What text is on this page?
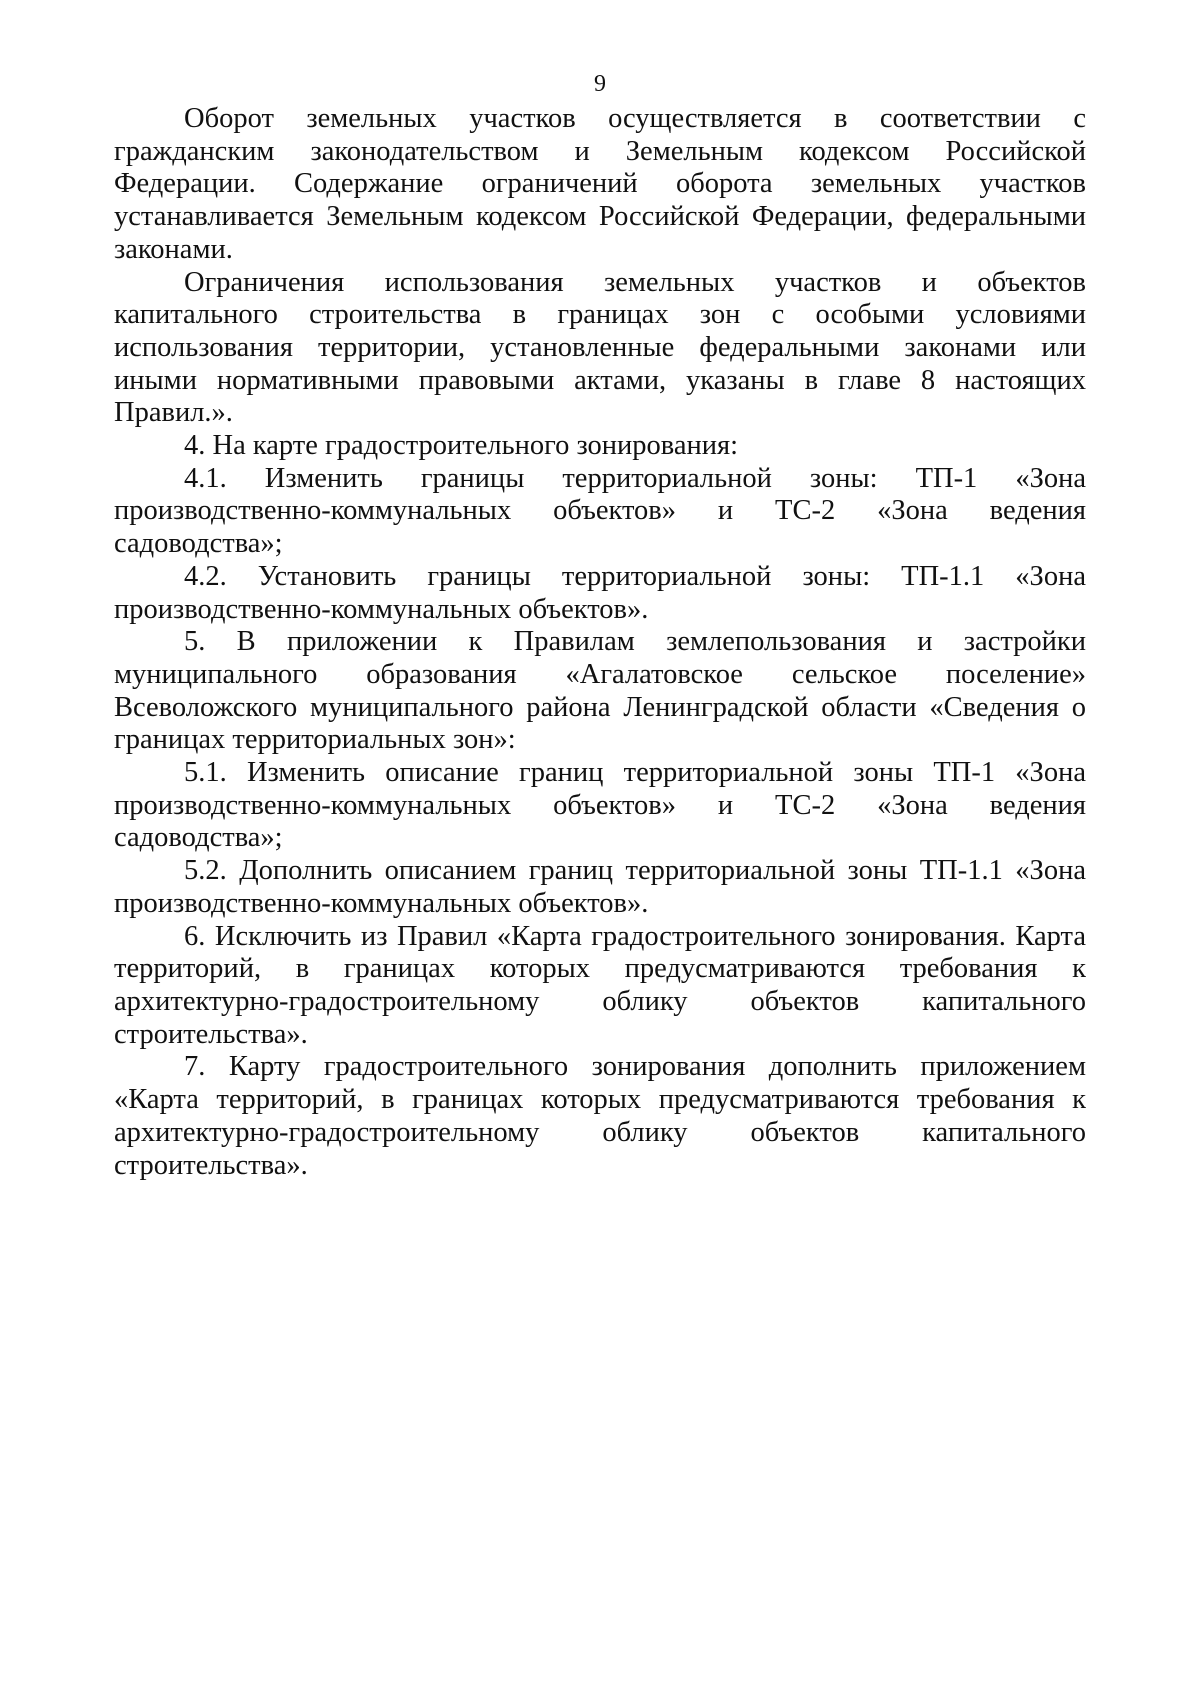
9

Оборот земельных участков осуществляется в соответствии с гражданским законодательством и Земельным кодексом Российской Федерации. Содержание ограничений оборота земельных участков устанавливается Земельным кодексом Российской Федерации, федеральными законами.

Ограничения использования земельных участков и объектов капитального строительства в границах зон с особыми условиями использования территории, установленные федеральными законами или иными нормативными правовыми актами, указаны в главе 8 настоящих Правил.».

4. На карте градостроительного зонирования:

4.1. Изменить границы территориальной зоны: ТП-1 «Зона производственно-коммунальных объектов» и ТС-2 «Зона ведения садоводства»;

4.2. Установить границы территориальной зоны: ТП-1.1 «Зона производственно-коммунальных объектов».

5. В приложении к Правилам землепользования и застройки муниципального образования «Агалатовское сельское поселение» Всеволожского муниципального района Ленинградской области «Сведения о границах территориальных зон»:

5.1. Изменить описание границ территориальной зоны ТП-1 «Зона производственно-коммунальных объектов» и ТС-2 «Зона ведения садоводства»;

5.2. Дополнить описанием границ территориальной зоны ТП-1.1 «Зона производственно-коммунальных объектов».

6. Исключить из Правил «Карта градостроительного зонирования. Карта территорий, в границах которых предусматриваются требования к архитектурно-градостроительному облику объектов капитального строительства».

7. Карту градостроительного зонирования дополнить приложением «Карта территорий, в границах которых предусматриваются требования к архитектурно-градостроительному облику объектов капитального строительства».
